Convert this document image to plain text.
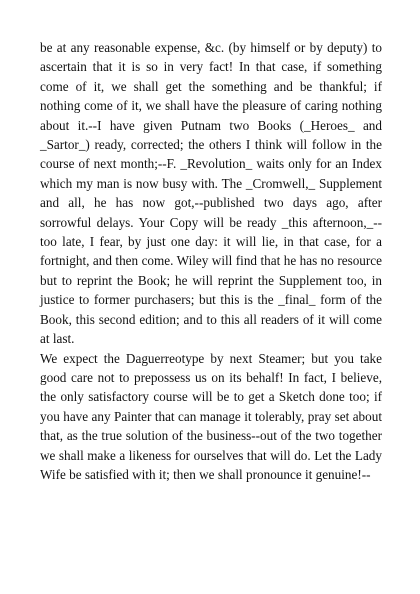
be at any reasonable expense, &c. (by himself or by deputy) to ascertain that it is so in very fact! In that case, if something come of it, we shall get the something and be thankful; if nothing come of it, we shall have the pleasure of caring nothing about it.--I have given Putnam two Books (_Heroes_ and _Sartor_) ready, corrected; the others I think will follow in the course of next month;--F. _Revolution_ waits only for an Index which my man is now busy with. The _Cromwell,_ Supplement and all, he has now got,--published two days ago, after sorrowful delays. Your Copy will be ready _this afternoon,_--too late, I fear, by just one day: it will lie, in that case, for a fortnight, and then come. Wiley will find that he has no resource but to reprint the Book; he will reprint the Supplement too, in justice to former purchasers; but this is the _final_ form of the Book, this second edition; and to this all readers of it will come at last.

We expect the Daguerreotype by next Steamer; but you take good care not to prepossess us on its behalf! In fact, I believe, the only satisfactory course will be to get a Sketch done too; if you have any Painter that can manage it tolerably, pray set about that, as the true solution of the business--out of the two together we shall make a likeness for ourselves that will do. Let the Lady Wife be satisfied with it; then we shall pronounce it genuine!--
